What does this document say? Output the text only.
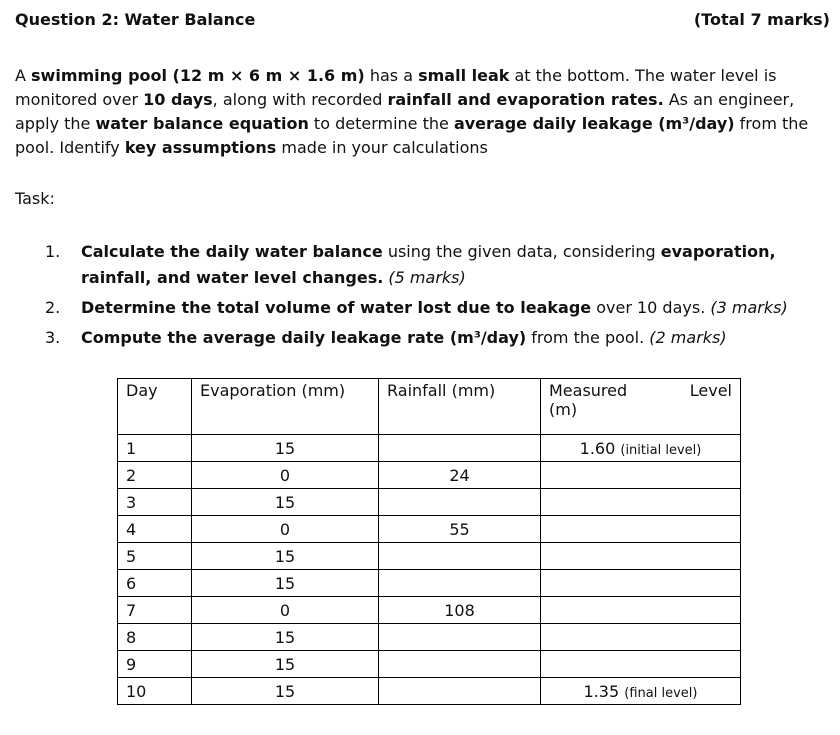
Question 2: Water Balance	(Total 7 marks)
A swimming pool (12 m × 6 m × 1.6 m) has a small leak at the bottom. The water level is monitored over 10 days, along with recorded rainfall and evaporation rates. As an engineer, apply the water balance equation to determine the average daily leakage (m³/day) from the pool. Identify key assumptions made in your calculations
Task:
1. Calculate the daily water balance using the given data, considering evaporation, rainfall, and water level changes. (5 marks)
2. Determine the total volume of water lost due to leakage over 10 days. (3 marks)
3. Compute the average daily leakage rate (m³/day) from the pool. (2 marks)
Day	Evaporation (mm)	Rainfall (mm)	Measured Level
(m)

1	15		1.60 (initial level)
2	0	24	
3	15		
4	0	55	
5	15		
6	15		
7	0	108	
8	15		
9	15		
10	15		1.35 (final level)
